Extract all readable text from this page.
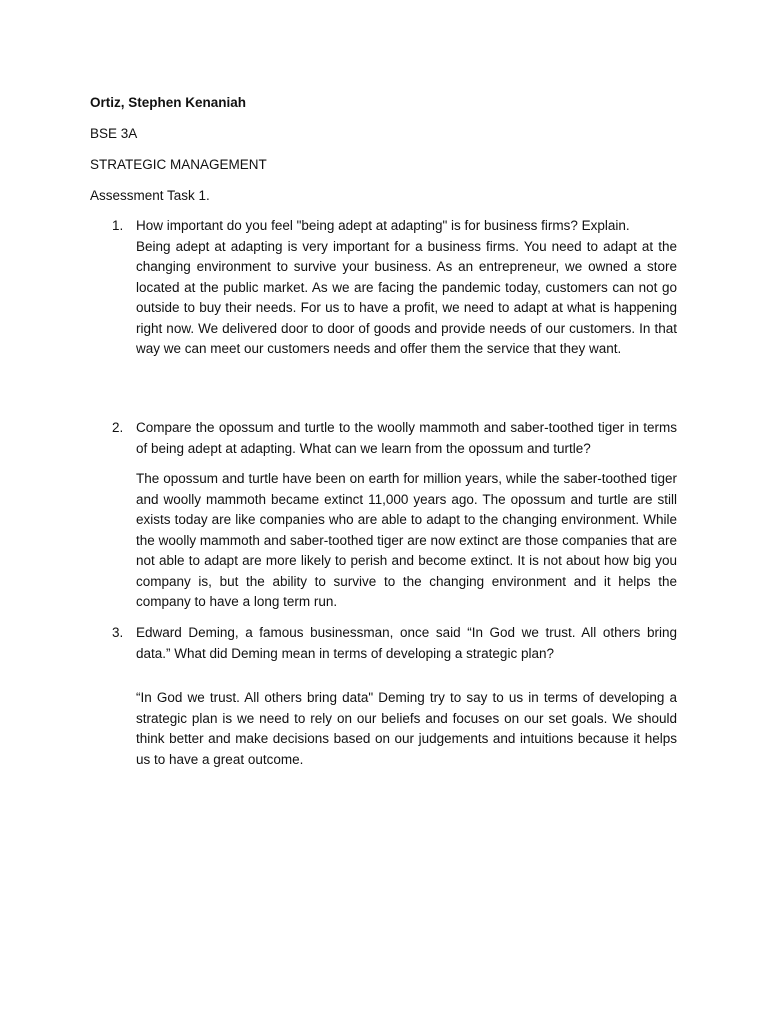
Ortiz, Stephen Kenaniah
BSE 3A
STRATEGIC MANAGEMENT
Assessment Task 1.
1. How important do you feel "being adept at adapting" is for business firms? Explain.

Being adept at adapting is very important for a business firms. You need to adapt at the changing environment to survive your business. As an entrepreneur, we owned a store located at the public market. As we are facing the pandemic today, customers can not go outside to buy their needs. For us to have a profit, we need to adapt at what is happening right now. We delivered door to door of goods and provide needs of our customers. In that way we can meet our customers needs and offer them the service that they want.

2. Compare the opossum and turtle to the woolly mammoth and saber-toothed tiger in terms of being adept at adapting. What can we learn from the opossum and turtle?

The opossum and turtle have been on earth for million years, while the saber-toothed tiger and woolly mammoth became extinct 11,000 years ago. The opossum and turtle are still exists today are like companies who are able to adapt to the changing environment. While the woolly mammoth and saber-toothed tiger are now extinct are those companies that are not able to adapt are more likely to perish and become extinct. It is not about how big you company is, but the ability to survive to the changing environment and it helps the company to have a long term run.

3. Edward Deming, a famous businessman, once said “In God we trust. All others bring data.” What did Deming mean in terms of developing a strategic plan?

“In God we trust. All others bring data" Deming try to say to us in terms of developing a strategic plan is we need to rely on our beliefs and focuses on our set goals. We should think better and make decisions based on our judgements and intuitions because it helps us to have a great outcome.
